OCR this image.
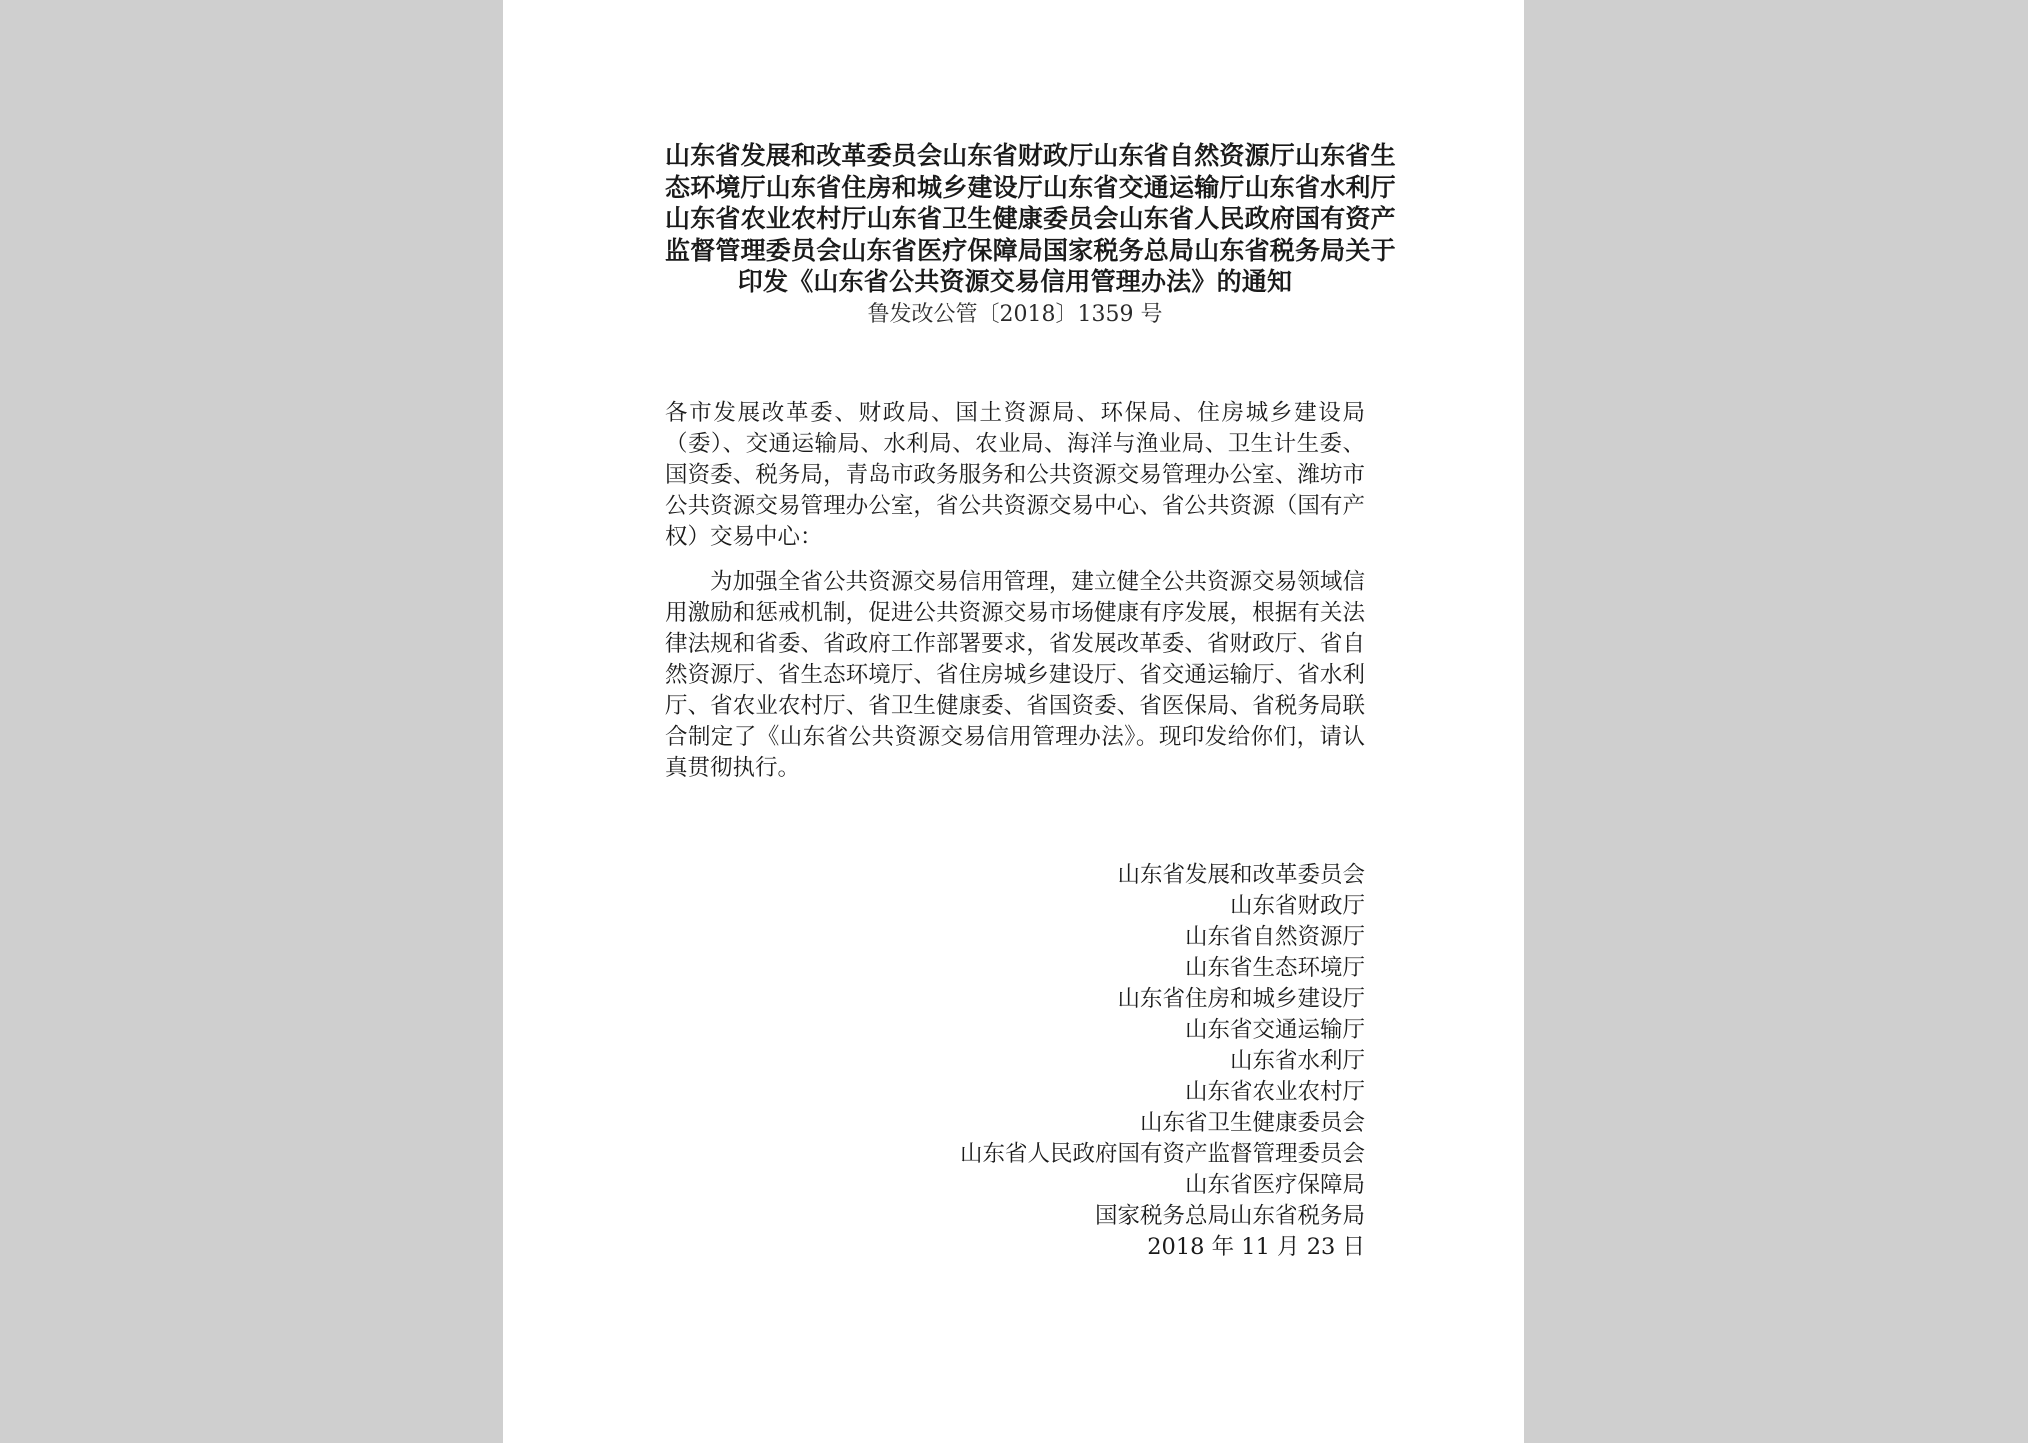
山东省发展和改革委员会山东省财政厅山东省自然资源厅山东省生
态环境厅山东省住房和城乡建设厅山东省交通运输厅山东省水利厅
山东省农业农村厅山东省卫生健康委员会山东省人民政府国有资产
监督管理委员会山东省医疗保障局国家税务总局山东省税务局关于
印发《山东省公共资源交易信用管理办法》的通知
鲁发改公管〔2018〕1359 号
各市发展改革委、财政局、国土资源局、环保局、住房城乡建设局（委）、交通运输局、水利局、农业局、海洋与渔业局、卫生计生委、国资委、税务局，青岛市政务服务和公共资源交易管理办公室、潍坊市公共资源交易管理办公室，省公共资源交易中心、省公共资源（国有产权）交易中心：
为加强全省公共资源交易信用管理，建立健全公共资源交易领域信用激励和惩戒机制，促进公共资源交易市场健康有序发展，根据有关法律法规和省委、省政府工作部署要求，省发展改革委、省财政厅、省自然资源厅、省生态环境厅、省住房城乡建设厅、省交通运输厅、省水利厅、省农业农村厅、省卫生健康委、省国资委、省医保局、省税务局联合制定了《山东省公共资源交易信用管理办法》。现印发给你们，请认真贯彻执行。
山东省发展和改革委员会
山东省财政厅
山东省自然资源厅
山东省生态环境厅
山东省住房和城乡建设厅
山东省交通运输厅
山东省水利厅
山东省农业农村厅
山东省卫生健康委员会
山东省人民政府国有资产监督管理委员会
山东省医疗保障局
国家税务总局山东省税务局
2018 年 11 月 23 日
